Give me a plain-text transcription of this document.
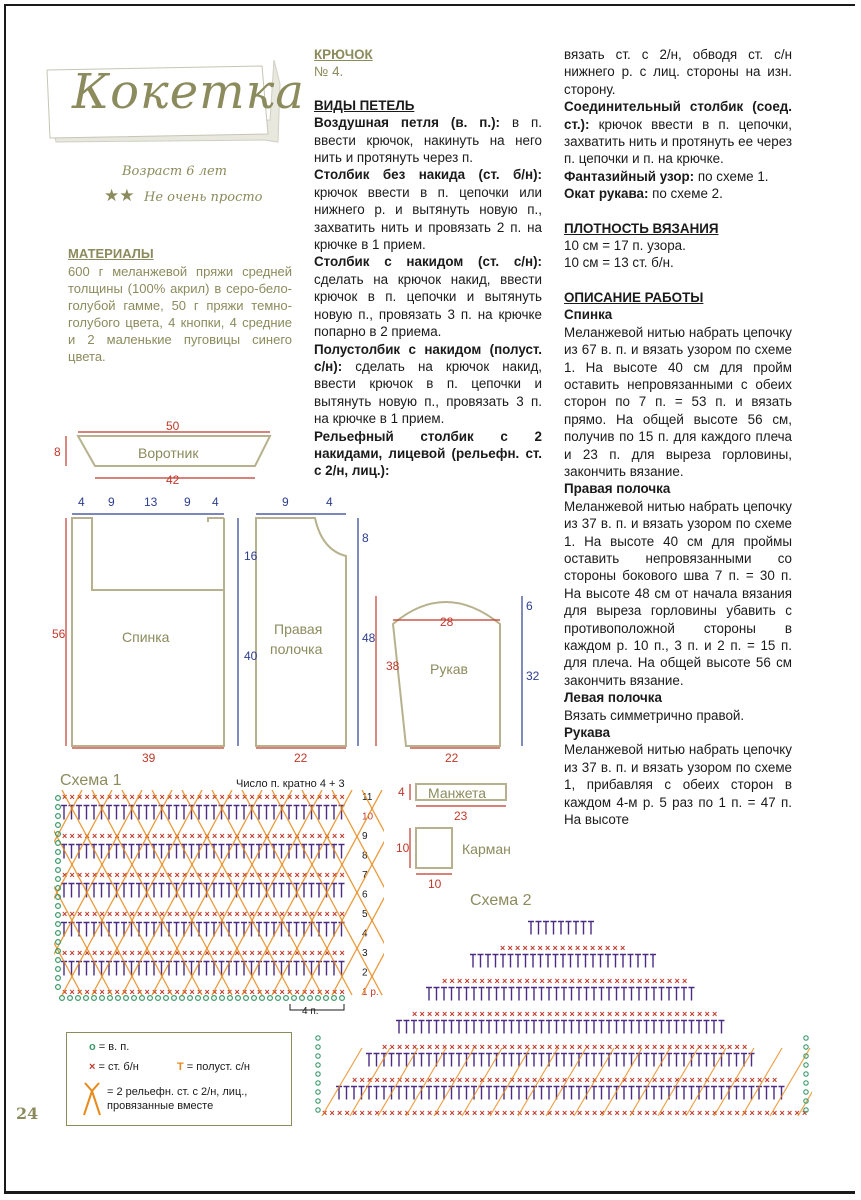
Кокетка
Возраст 6 лет
★★ Не очень просто
МАТЕРИАЛЫ
600 г меланжевой пряжи средней толщины (100% акрил) в серо-бело-голубой гамме, 50 г пряжи темно-голубого цвета, 4 кнопки, 4 средние и 2 маленькие пуговицы синего цвета.

КРЮЧОК

№ 4.

ВИДЫ ПЕТЕЛЬ

Воздушная петля (в. п.): в п. ввести крючок, накинуть на него нить и протянуть через п.

Столбик без накида (ст. б/н): крючок ввести в п. цепочки или нижнего р. и вытянуть новую п., захватить нить и провязать 2 п. на крючке в 1 прием.

Столбик с накидом (ст. с/н): сделать на крючок накид, ввести крючок в п. цепочки и вытянуть новую п., провязать 3 п. на крючке попарно в 2 приема.

Полустолбик с накидом (полуст. с/н): сделать на крючок накид, ввести крючок в п. цепочки и вытянуть новую п., провязать 3 п. на крючке в 1 прием.

Рельефный столбик с 2 накидами, лицевой (рельефн. ст. с 2/н, лиц.):

вязать ст. с 2/н, обводя ст. с/н нижнего р. с лиц. стороны на изн. сторону.

Соединительный столбик (соед. ст.): крючок ввести в п. цепочки, захватить нить и протянуть ее через п. цепочки и п. на крючке.

Фантазийный узор: по схеме 1.

Окат рукава: по схеме 2.

ПЛОТНОСТЬ ВЯЗАНИЯ

10 см = 17 п. узора.

10 см = 13 ст. б/н.

ОПИСАНИЕ РАБОТЫ

Спинка

Меланжевой нитью набрать цепочку из 67 в. п. и вязать узором по схеме 1. На высоте 40 см для пройм оставить непровязанными с обеих сторон по 7 п. = 53 п. и вязать прямо. На общей высоте 56 см, получив по 15 п. для каждого плеча и 23 п. для выреза горловины, закончить вязание.

Правая полочка

Меланжевой нитью набрать цепочку из 37 в. п. и вязать узором по схеме 1. На высоте 40 см для проймы оставить непровязанными со стороны бокового шва 7 п. = 30 п. На высоте 48 см от начала вязания для выреза горловины убавить с противоположной стороны в каждом р. 10 п., 3 п. и 2 п. = 15 п. для плеча. На общей высоте 56 см закончить вязание.

Левая полочка

Вязать симметрично правой.

Рукава

Меланжевой нитью набрать цепочку из 37 в. п. и вязать узором по схеме 1, прибавляя с обеих сторон в каждом 4-м р. 5 раз по 1 п. = 47 п. На высоте

50
42
8
39
56
22
38
28
22
4 9 13 9 4
16
40
9	4
8
48
6
32
Воротник
Спинка	Правая
полочка
Рукав
4
23
10
10
Манжета
Карман
Схема 1	Число п. кратно 4 + 3
× × × × × × × × × × × × × × × × × × × × × × × × × × × × × × × × × × × × × × 1 р.
2
× × × × × × × × × × × × × × × × × × × × × × × × × × × × × × × × × × × × × × 3
4
× × × × × × × × × × × × × × × × × × × × × × × × × × × × × × × × × × × × × × 5
6
× × × × × × × × × × × × × × × × × × × × × × × × × × × × × × × × × × × × × × 7
8
× × × × × × × × × × × × × × × × × × × × × × × × × × × × × × × × × × × × × × 9
10
× × × × × × × × × × × × × × × × × × × × × × × × × × × × × × × × × × × × × × 11
4 п.
Схема 2
× × × × × × × × × × × × × × × × × × × × × × × × × × × × × × × × × × × × × × × × × × × × × × × × × × × × × × × × × × × × × × × × ×
× × × × × × × × × × × × × × × × × × × × × × × × × × × × × × × × × × × × × × × × × × × × × × × × × × × × × × × × ×
× × × × × × × × × × × × × × × × × × × × × × × × × × × × × × × × × × × × × × × × × × × × × × × × ×
× × × × × × × × × × × × × × × × × × × × × × × × × × × × × × × × × × × × × × × × ×
× × × × × × × × × × × × × × × × × × × × × × × × × × × × × × × × ×
× × × × × × × × × × × × × × × × ×
o = в. п.
× = ст. б/н	T = полуст. с/н
= 2 рельефн. ст. с 2/н, лиц., провязанные вместе
24
